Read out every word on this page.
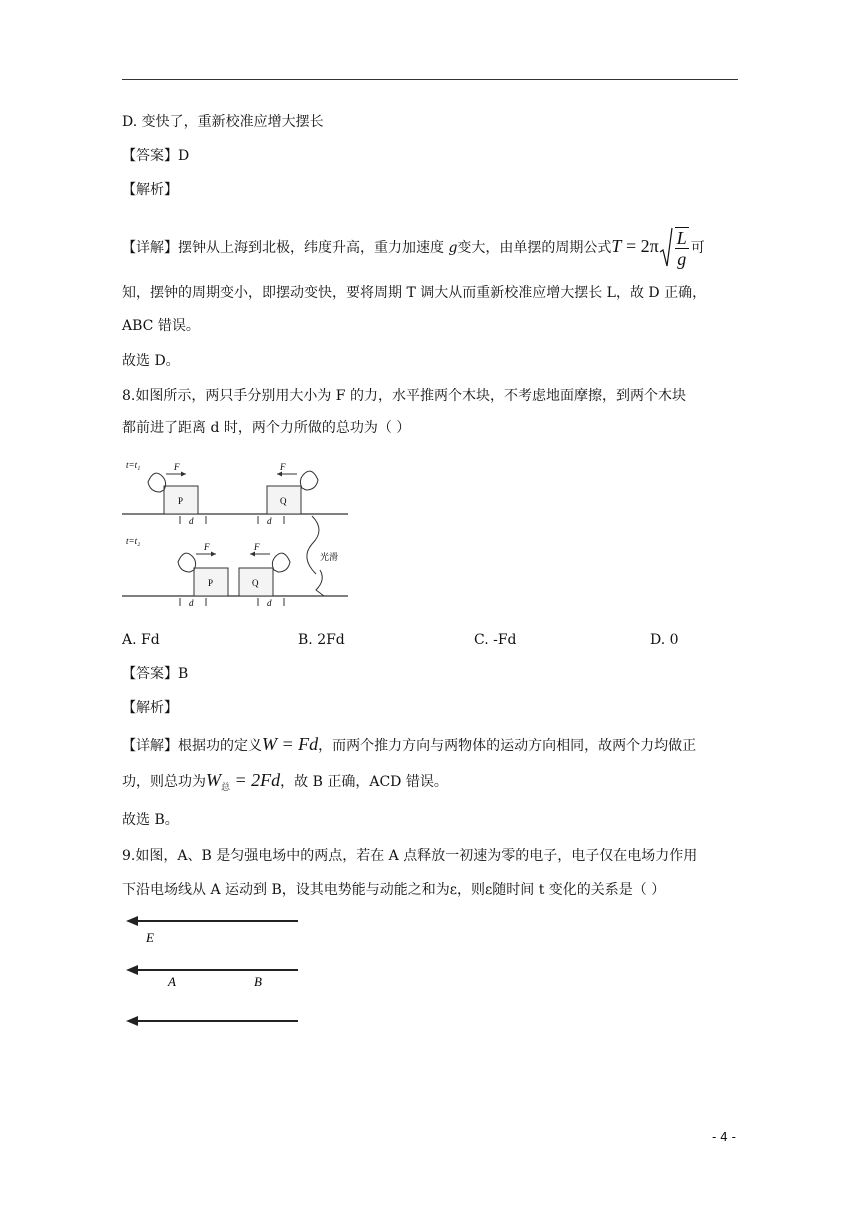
D. 变快了，重新校准应增大摆长
【答案】D
【解析】
【详解】摆钟从上海到北极，纬度升高，重力加速度 g变大，由单摆的周期公式$T = 2\pi \frac{L}{g}$ 可
知，摆钟的周期变小，即摆动变快，要将周期 T 调大从而重新校准应增大摆长 L，故 D 正确，
ABC 错误。
故选 D。
8.如图所示，两只手分别用大小为 F 的力，水平推两个木块，不考虑地面摩擦，到两个木块
都前进了距离 d 时，两个力所做的总功为（ ）
t=t₁
P	Q
F	F
d	d
t=t₂
P	Q
F	F
d	d
光滑
A. Fd	B. 2Fd	C. -Fd	D. 0
【答案】B
【解析】
【详解】根据功的定义W = Fd，而两个推力方向与两物体的运动方向相同，故两个力均做正
功，则总功为$W_总 = 2Fd$，故 B 正确，ACD 错误。
故选 B。
9.如图，A、B 是匀强电场中的两点，若在 A 点释放一初速为零的电子，电子仅在电场力作用
下沿电场线从 A 运动到 B，设其电势能与动能之和为ε，则ε随时间 t 变化的关系是（ ）
E
A	B
- 4 -
